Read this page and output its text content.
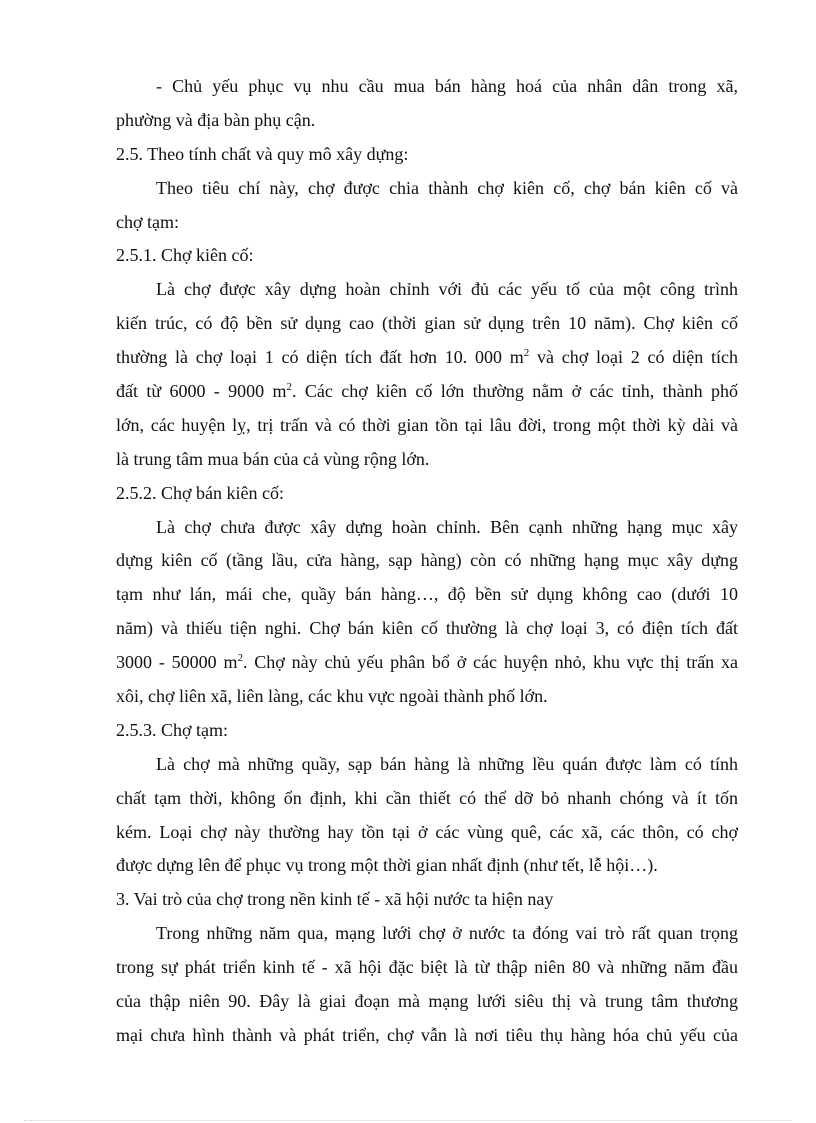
- Chủ yếu phục vụ nhu cầu mua bán hàng hoá của nhân dân trong xã,

phường và địa bàn phụ cận.

2.5. Theo tính chất và quy mô xây dựng:

Theo tiêu chí này, chợ được chia thành chợ kiên cố, chợ bán kiên cố và

chợ tạm:

2.5.1. Chợ kiên cố:

Là chợ được xây dựng hoàn chỉnh với đủ các yếu tố của một công trình

kiến trúc, có độ bền sử dụng cao (thời gian sử dụng trên 10 năm). Chợ kiên cố

thường là chợ loại 1 có diện tích đất hơn 10. 000 $m^2$ và chợ loại 2 có diện tích

đất từ 6000 - 9000 $m^2$. Các chợ kiên cố lớn thường nằm ở các tỉnh, thành phố

lớn, các huyện lỵ, trị trấn và có thời gian tồn tại lâu đời, trong một thời kỳ dài và

là trung tâm mua bán của cả vùng rộng lớn.

2.5.2. Chợ bán kiên cố:

Là chợ chưa được xây dựng hoàn chỉnh. Bên cạnh những hạng mục xây

dựng kiên cố (tầng lầu, cửa hàng, sạp hàng) còn có những hạng mục xây dựng

tạm như lán, mái che, quầy bán hàng…, độ bền sử dụng không cao (dưới 10

năm) và thiếu tiện nghi. Chợ bán kiên cố thường là chợ loại 3, có điện tích đất

3000 - 50000 $m^2$. Chợ này chủ yếu phân bổ ở các huyện nhỏ, khu vực thị trấn xa

xôi, chợ liên xã, liên làng, các khu vực ngoài thành phố lớn.

2.5.3. Chợ tạm:

Là chợ mà những quầy, sạp bán hàng là những lều quán được làm có tính

chất tạm thời, không ổn định, khi cần thiết có thể dỡ bỏ nhanh chóng và ít tốn

kém. Loại chợ này thường hay tồn tại ở các vùng quê, các xã, các thôn, có chợ

được dựng lên để phục vụ trong một thời gian nhất định (như tết, lễ hội…).

3. Vai trò của chợ trong nền kinh tế - xã hội nước ta hiện nay

Trong những năm qua, mạng lưới chợ ở nước ta đóng vai trò rất quan trọng

trong sự phát triển kinh tế - xã hội đặc biệt là từ thập niên 80 và những năm đầu

của thập niên 90. Đây là giai đoạn mà mạng lưới siêu thị và trung tâm thương

mại chưa hình thành và phát triển, chợ vẫn là nơi tiêu thụ hàng hóa chủ yếu của
